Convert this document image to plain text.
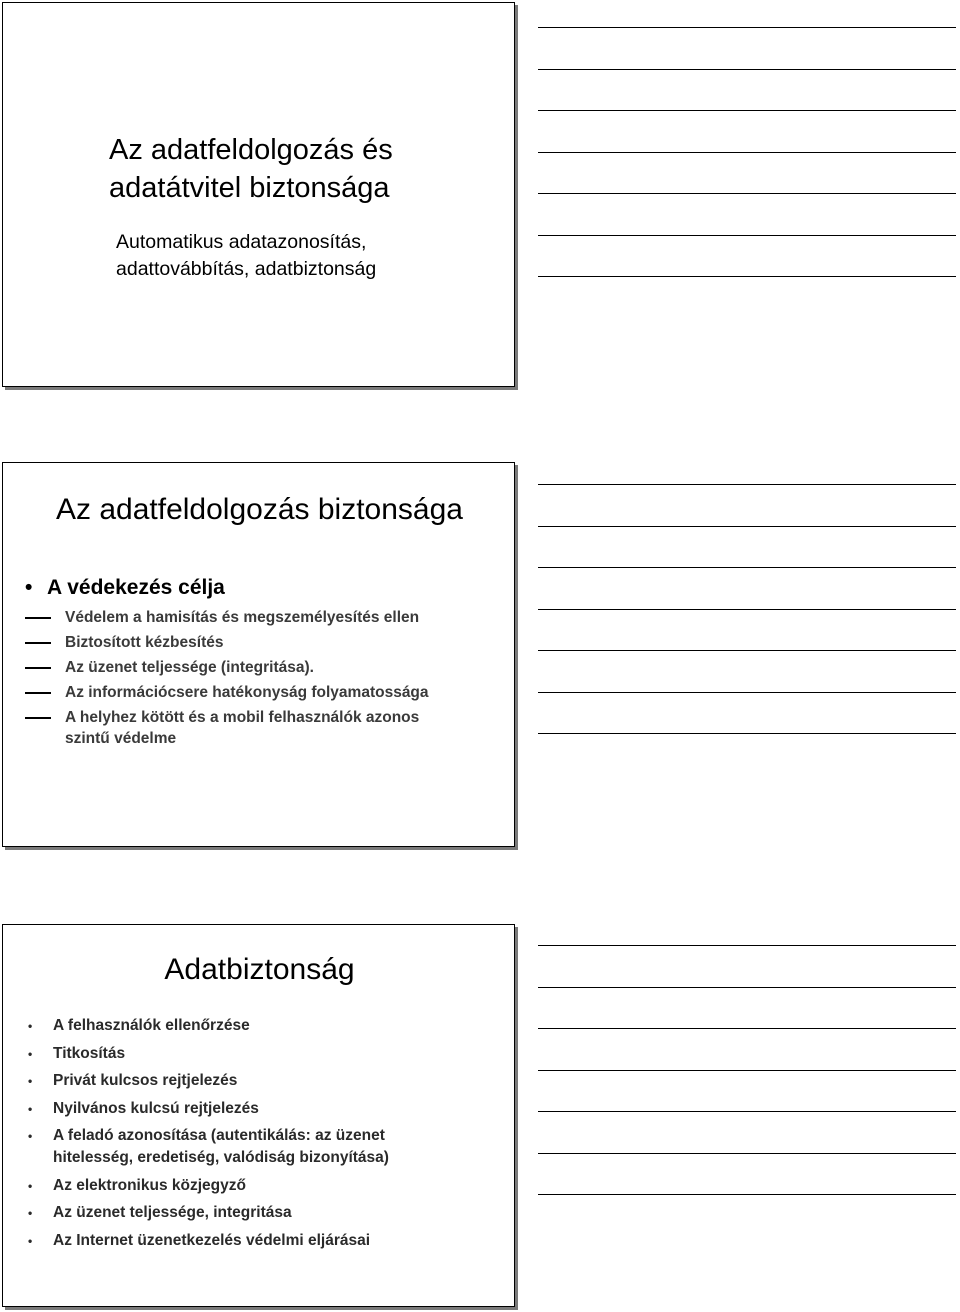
Az adatfeldolgozás és
adatátvitel biztonsága

Automatikus adatazonosítás,
adattovábbítás, adatbiztonság

Az adatfeldolgozás biztonsága
• A védekezés célja
Védelem a hamisítás és megszemélyesítés ellen
Biztosított kézbesítés
Az üzenet teljessége (integritása).
Az információcsere hatékonyság folyamatossága
A helyhez kötött és a mobil felhasználók azonos szintű védelme
Adatbiztonság
• A felhasználók ellenőrzése
• Titkosítás
• Privát kulcsos rejtjelezés
• Nyilvános kulcsú rejtjelezés
• A feladó azonosítása (autentikálás: az üzenet hitelesség, eredetiség, valódiság bizonyítása)
• Az elektronikus közjegyző
• Az üzenet teljessége, integritása
• Az Internet üzenetkezelés védelmi eljárásai
